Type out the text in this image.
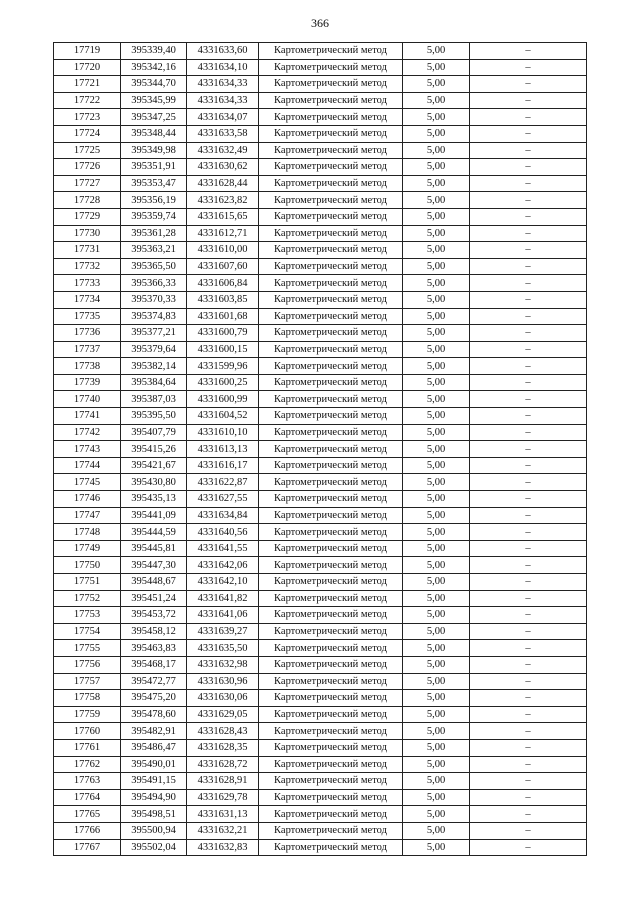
366
17719	395339,40	4331633,60	Картометрический метод	5,00	–
17720	395342,16	4331634,10	Картометрический метод	5,00	–
17721	395344,70	4331634,33	Картометрический метод	5,00	–
17722	395345,99	4331634,33	Картометрический метод	5,00	–
17723	395347,25	4331634,07	Картометрический метод	5,00	–
17724	395348,44	4331633,58	Картометрический метод	5,00	–
17725	395349,98	4331632,49	Картометрический метод	5,00	–
17726	395351,91	4331630,62	Картометрический метод	5,00	–
17727	395353,47	4331628,44	Картометрический метод	5,00	–
17728	395356,19	4331623,82	Картометрический метод	5,00	–
17729	395359,74	4331615,65	Картометрический метод	5,00	–
17730	395361,28	4331612,71	Картометрический метод	5,00	–
17731	395363,21	4331610,00	Картометрический метод	5,00	–
17732	395365,50	4331607,60	Картометрический метод	5,00	–
17733	395366,33	4331606,84	Картометрический метод	5,00	–
17734	395370,33	4331603,85	Картометрический метод	5,00	–
17735	395374,83	4331601,68	Картометрический метод	5,00	–
17736	395377,21	4331600,79	Картометрический метод	5,00	–
17737	395379,64	4331600,15	Картометрический метод	5,00	–
17738	395382,14	4331599,96	Картометрический метод	5,00	–
17739	395384,64	4331600,25	Картометрический метод	5,00	–
17740	395387,03	4331600,99	Картометрический метод	5,00	–
17741	395395,50	4331604,52	Картометрический метод	5,00	–
17742	395407,79	4331610,10	Картометрический метод	5,00	–
17743	395415,26	4331613,13	Картометрический метод	5,00	–
17744	395421,67	4331616,17	Картометрический метод	5,00	–
17745	395430,80	4331622,87	Картометрический метод	5,00	–
17746	395435,13	4331627,55	Картометрический метод	5,00	–
17747	395441,09	4331634,84	Картометрический метод	5,00	–
17748	395444,59	4331640,56	Картометрический метод	5,00	–
17749	395445,81	4331641,55	Картометрический метод	5,00	–
17750	395447,30	4331642,06	Картометрический метод	5,00	–
17751	395448,67	4331642,10	Картометрический метод	5,00	–
17752	395451,24	4331641,82	Картометрический метод	5,00	–
17753	395453,72	4331641,06	Картометрический метод	5,00	–
17754	395458,12	4331639,27	Картометрический метод	5,00	–
17755	395463,83	4331635,50	Картометрический метод	5,00	–
17756	395468,17	4331632,98	Картометрический метод	5,00	–
17757	395472,77	4331630,96	Картометрический метод	5,00	–
17758	395475,20	4331630,06	Картометрический метод	5,00	–
17759	395478,60	4331629,05	Картометрический метод	5,00	–
17760	395482,91	4331628,43	Картометрический метод	5,00	–
17761	395486,47	4331628,35	Картометрический метод	5,00	–
17762	395490,01	4331628,72	Картометрический метод	5,00	–
17763	395491,15	4331628,91	Картометрический метод	5,00	–
17764	395494,90	4331629,78	Картометрический метод	5,00	–
17765	395498,51	4331631,13	Картометрический метод	5,00	–
17766	395500,94	4331632,21	Картометрический метод	5,00	–
17767	395502,04	4331632,83	Картометрический метод	5,00	–
